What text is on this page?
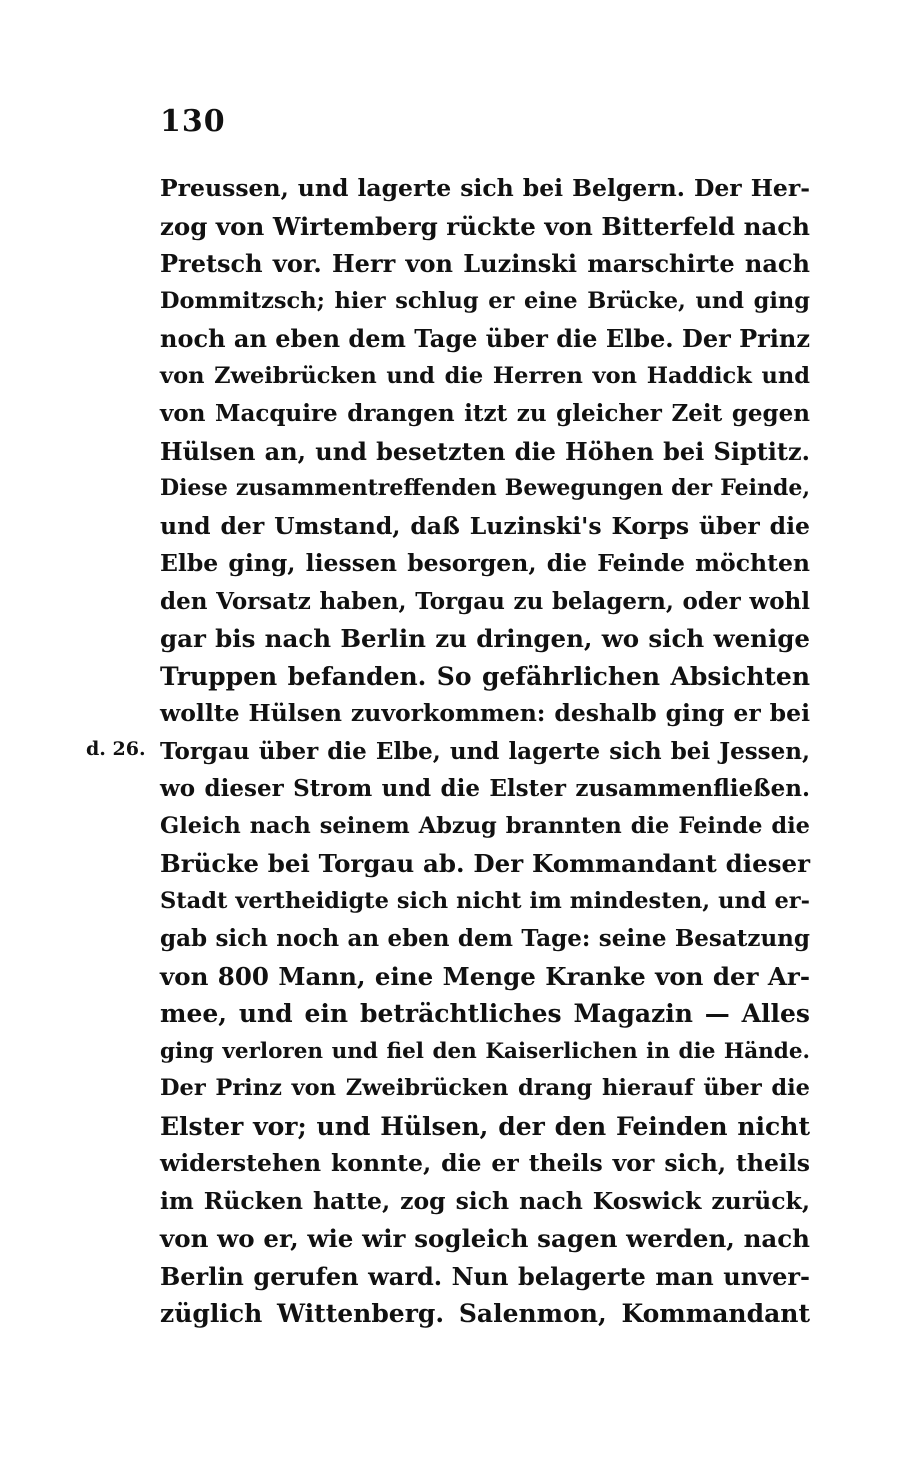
130
d. 26.
Preussen, und lagerte sich bei Belgern. Der Her-
zog von Wirtemberg rückte von Bitterfeld nach
Pretsch vor. Herr von Luzinski marschirte nach
Dommitzsch; hier schlug er eine Brücke, und ging
noch an eben dem Tage über die Elbe. Der Prinz
von Zweibrücken und die Herren von Haddick und
von Macquire drangen itzt zu gleicher Zeit gegen
Hülsen an, und besetzten die Höhen bei Siptitz.
Diese zusammentreffenden Bewegungen der Feinde,
und der Umstand, daß Luzinski's Korps über die
Elbe ging, liessen besorgen, die Feinde möchten
den Vorsatz haben, Torgau zu belagern, oder wohl
gar bis nach Berlin zu dringen, wo sich wenige
Truppen befanden. So gefährlichen Absichten
wollte Hülsen zuvorkommen: deshalb ging er bei
Torgau über die Elbe, und lagerte sich bei Jessen,
wo dieser Strom und die Elster zusammenfließen.
Gleich nach seinem Abzug brannten die Feinde die
Brücke bei Torgau ab. Der Kommandant dieser
Stadt vertheidigte sich nicht im mindesten, und er-
gab sich noch an eben dem Tage: seine Besatzung
von 800 Mann, eine Menge Kranke von der Ar-
mee, und ein beträchtliches Magazin — Alles
ging verloren und fiel den Kaiserlichen in die Hände.
Der Prinz von Zweibrücken drang hierauf über die
Elster vor; und Hülsen, der den Feinden nicht
widerstehen konnte, die er theils vor sich, theils
im Rücken hatte, zog sich nach Koswick zurück,
von wo er, wie wir sogleich sagen werden, nach
Berlin gerufen ward. Nun belagerte man unver-
züglich Wittenberg. Salenmon, Kommandant
